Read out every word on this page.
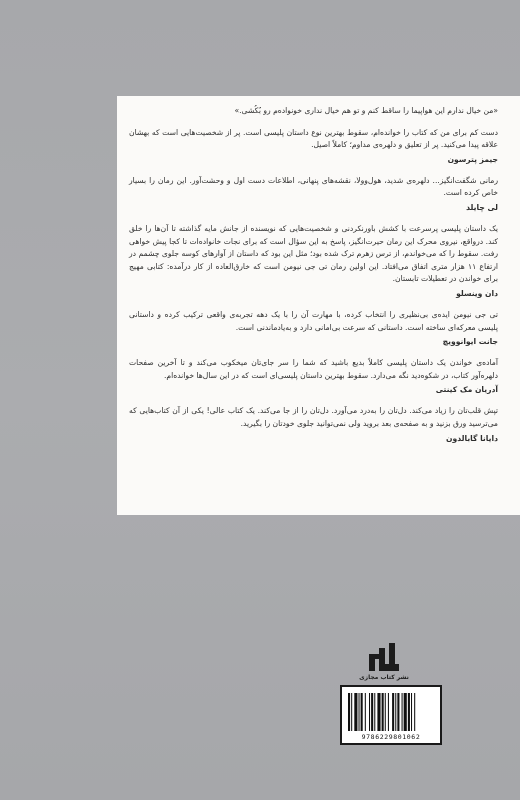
«من خیال ندارم این هواپیما را ساقط کنم و تو هم خیال نداری خونواده‌م رو بُکُشی.»

دست کم برای من که کتاب را خوانده‌ام، سقوط بهترین نوع داستان پلیسی است. پر از شخصیت‌هایی است که بهشان علاقه پیدا می‌کنید. پر از تعلیق و دلهره‌ی مداوم؛ کاملاً اصیل.

جیمز پترسون

رمانی شگفت‌انگیز... دلهره‌ی شدید، هول‌وولا، نقشه‌های پنهانی، اطلاعات دست اول و وحشت‌آور. این رمان را بسیار خاص کرده است.

لی چایلد

یک داستان پلیسی پرسرعت با کشش باورنکردنی و شخصیت‌هایی که نویسنده از جانش مایه گذاشته تا آن‌ها را خلق کند. درواقع، نیروی محرک این رمان حیرت‌انگیز، پاسخ به این سؤال است که برای نجات خانواده‌ات تا کجا پیش خواهی رفت. سقوط را که می‌خواندم، از ترس زهرم ترک شده بود؛ مثل این بود که داستان از آوارهای کوسه جلوی چشمم در ارتفاع ۱۱ هزار متری اتفاق می‌افتاد. این اولین رمان تی جی نیومن است که خارق‌العاده از کار درآمده: کتابی مهیج برای خواندن در تعطیلات تابستان.

دان وینسلو

تی جی نیومن ایده‌ی بی‌نظیری را انتخاب کرده، با مهارت آن را با یک دهه تجربه‌ی واقعی ترکیب کرده و داستانی پلیسی معرکه‌ای ساخته است. داستانی که سرعت بی‌امانی دارد و به‌یادماندنی است.

جانت ایوانوویچ

آماده‌ی خواندن یک داستان پلیسی کاملاً بدیع باشید که شما را سر جای‌تان میخکوب می‌کند و تا آخرین صفحات دلهره‌آور کتاب، در شکوه‌دید نگه می‌دارد. سقوط بهترین داستان پلیسی‌ای است که در این سال‌ها خوانده‌ام.

آدریان مک کینتی

تپش قلب‌تان را زیاد می‌کند. دل‌تان را به‌درد می‌آورد. دل‌تان را از جا می‌کند. یک کتاب عالی! یکی از آن کتاب‌هایی که می‌ترسید ورق بزنید و به صفحه‌ی بعد بروید ولی نمی‌توانید جلوی خودتان را بگیرید.

دایانا گابالدون

نشر کتاب مجازی
9786229801062
